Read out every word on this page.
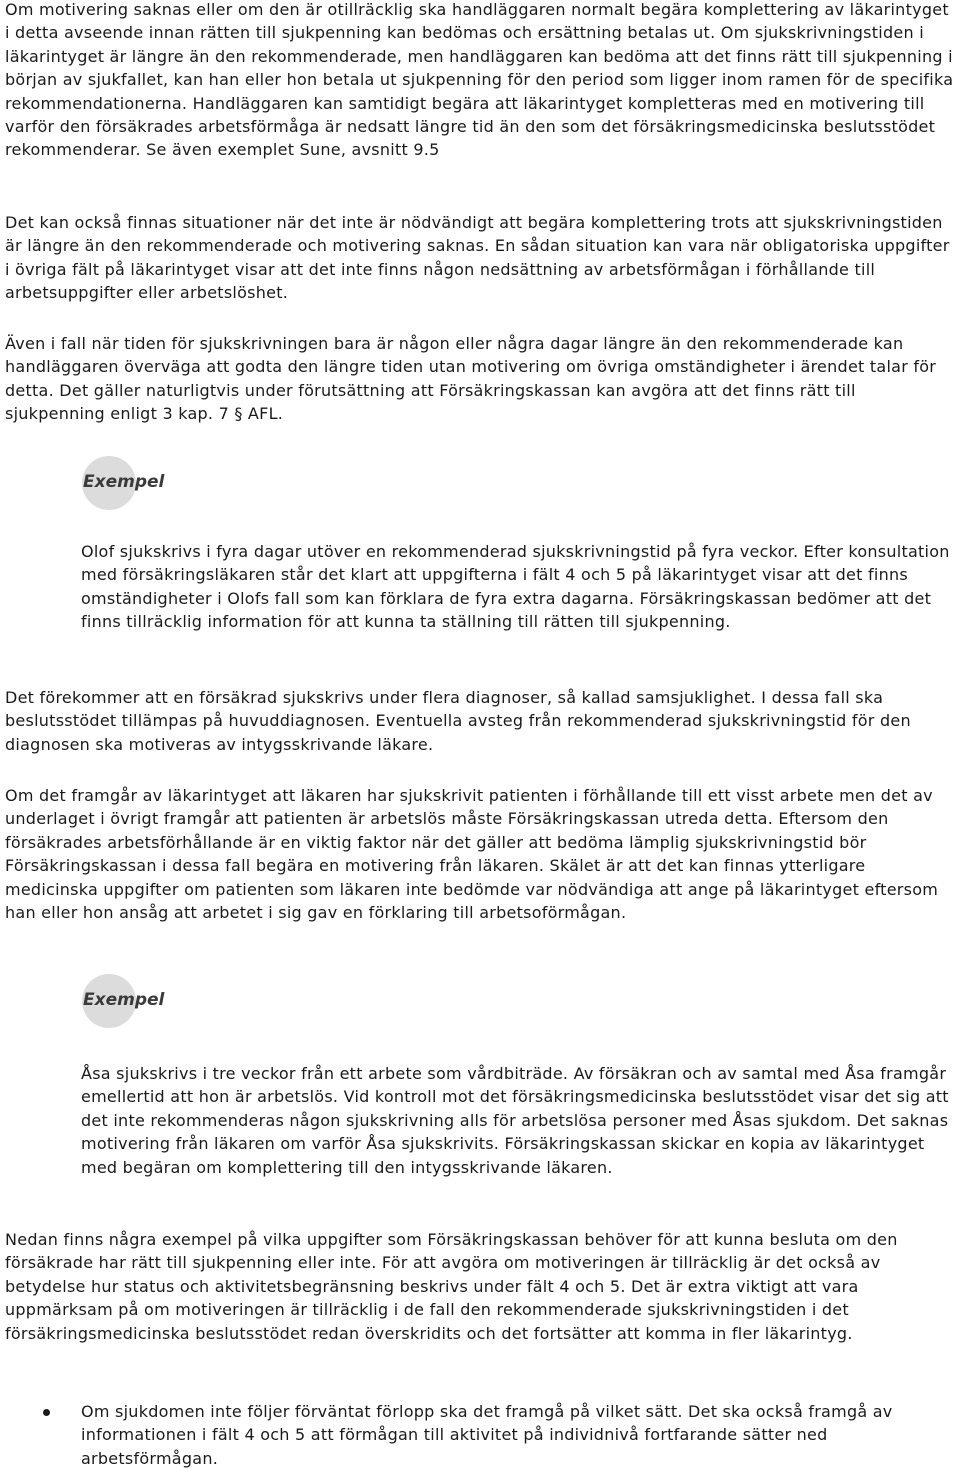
Om motivering saknas eller om den är otillräcklig ska handläggaren normalt begära komplettering av läkarintyget i detta avseende innan rätten till sjukpenning kan bedömas och ersättning betalas ut. Om sjukskrivningstiden i läkarintyget är längre än den rekommenderade, men handläggaren kan bedöma att det finns rätt till sjukpenning i början av sjukfallet, kan han eller hon betala ut sjukpenning för den period som ligger inom ramen för de specifika rekommendationerna. Handläggaren kan samtidigt begära att läkarintyget kompletteras med en motivering till varför den försäkrades arbetsförmåga är nedsatt längre tid än den som det försäkringsmedicinska beslutsstödet rekommenderar. Se även exemplet Sune, avsnitt 9.5

Det kan också finnas situationer när det inte är nödvändigt att begära komplettering trots att sjukskrivningstiden är längre än den rekommenderade och motivering saknas. En sådan situation kan vara när obligatoriska uppgifter i övriga fält på läkarintyget visar att det inte finns någon nedsättning av arbetsförmågan i förhållande till arbetsuppgifter eller arbetslöshet.

Även i fall när tiden för sjukskrivningen bara är någon eller några dagar längre än den rekommenderade kan handläggaren överväga att godta den längre tiden utan motivering om övriga omständigheter i ärendet talar för detta. Det gäller naturligtvis under förutsättning att Försäkringskassan kan avgöra att det finns rätt till sjukpenning enligt 3 kap. 7 § AFL.

Exempel

Olof sjukskrivs i fyra dagar utöver en rekommenderad sjukskrivningstid på fyra veckor. Efter konsultation med försäkringsläkaren står det klart att uppgifterna i fält 4 och 5 på läkarintyget visar att det finns omständigheter i Olofs fall som kan förklara de fyra extra dagarna. Försäkringskassan bedömer att det finns tillräcklig information för att kunna ta ställning till rätten till sjukpenning.

Det förekommer att en försäkrad sjukskrivs under flera diagnoser, så kallad samsjuklighet. I dessa fall ska beslutsstödet tillämpas på huvuddiagnosen. Eventuella avsteg från rekommenderad sjukskrivningstid för den diagnosen ska motiveras av intygsskrivande läkare.

Om det framgår av läkarintyget att läkaren har sjukskrivit patienten i förhållande till ett visst arbete men det av underlaget i övrigt framgår att patienten är arbetslös måste Försäkringskassan utreda detta. Eftersom den försäkrades arbetsförhållande är en viktig faktor när det gäller att bedöma lämplig sjukskrivningstid bör Försäkringskassan i dessa fall begära en motivering från läkaren. Skälet är att det kan finnas ytterligare medicinska uppgifter om patienten som läkaren inte bedömde var nödvändiga att ange på läkarintyget eftersom han eller hon ansåg att arbetet i sig gav en förklaring till arbetsoförmågan.

Exempel

Åsa sjukskrivs i tre veckor från ett arbete som vårdbiträde. Av försäkran och av samtal med Åsa framgår emellertid att hon är arbetslös. Vid kontroll mot det försäkringsmedicinska beslutsstödet visar det sig att det inte rekommenderas någon sjukskrivning alls för arbetslösa personer med Åsas sjukdom. Det saknas motivering från läkaren om varför Åsa sjukskrivits. Försäkringskassan skickar en kopia av läkarintyget med begäran om komplettering till den intygsskrivande läkaren.

Nedan finns några exempel på vilka uppgifter som Försäkringskassan behöver för att kunna besluta om den försäkrade har rätt till sjukpenning eller inte. För att avgöra om motiveringen är tillräcklig är det också av betydelse hur status och aktivitetsbegränsning beskrivs under fält 4 och 5. Det är extra viktigt att vara uppmärksam på om motiveringen är tillräcklig i de fall den rekommenderade sjukskrivningstiden i det försäkringsmedicinska beslutsstödet redan överskridits och det fortsätter att komma in fler läkarintyg.

Om sjukdomen inte följer förväntat förlopp ska det framgå på vilket sätt. Det ska också framgå av informationen i fält 4 och 5 att förmågan till aktivitet på individnivå fortfarande sätter ned arbetsförmågan.
